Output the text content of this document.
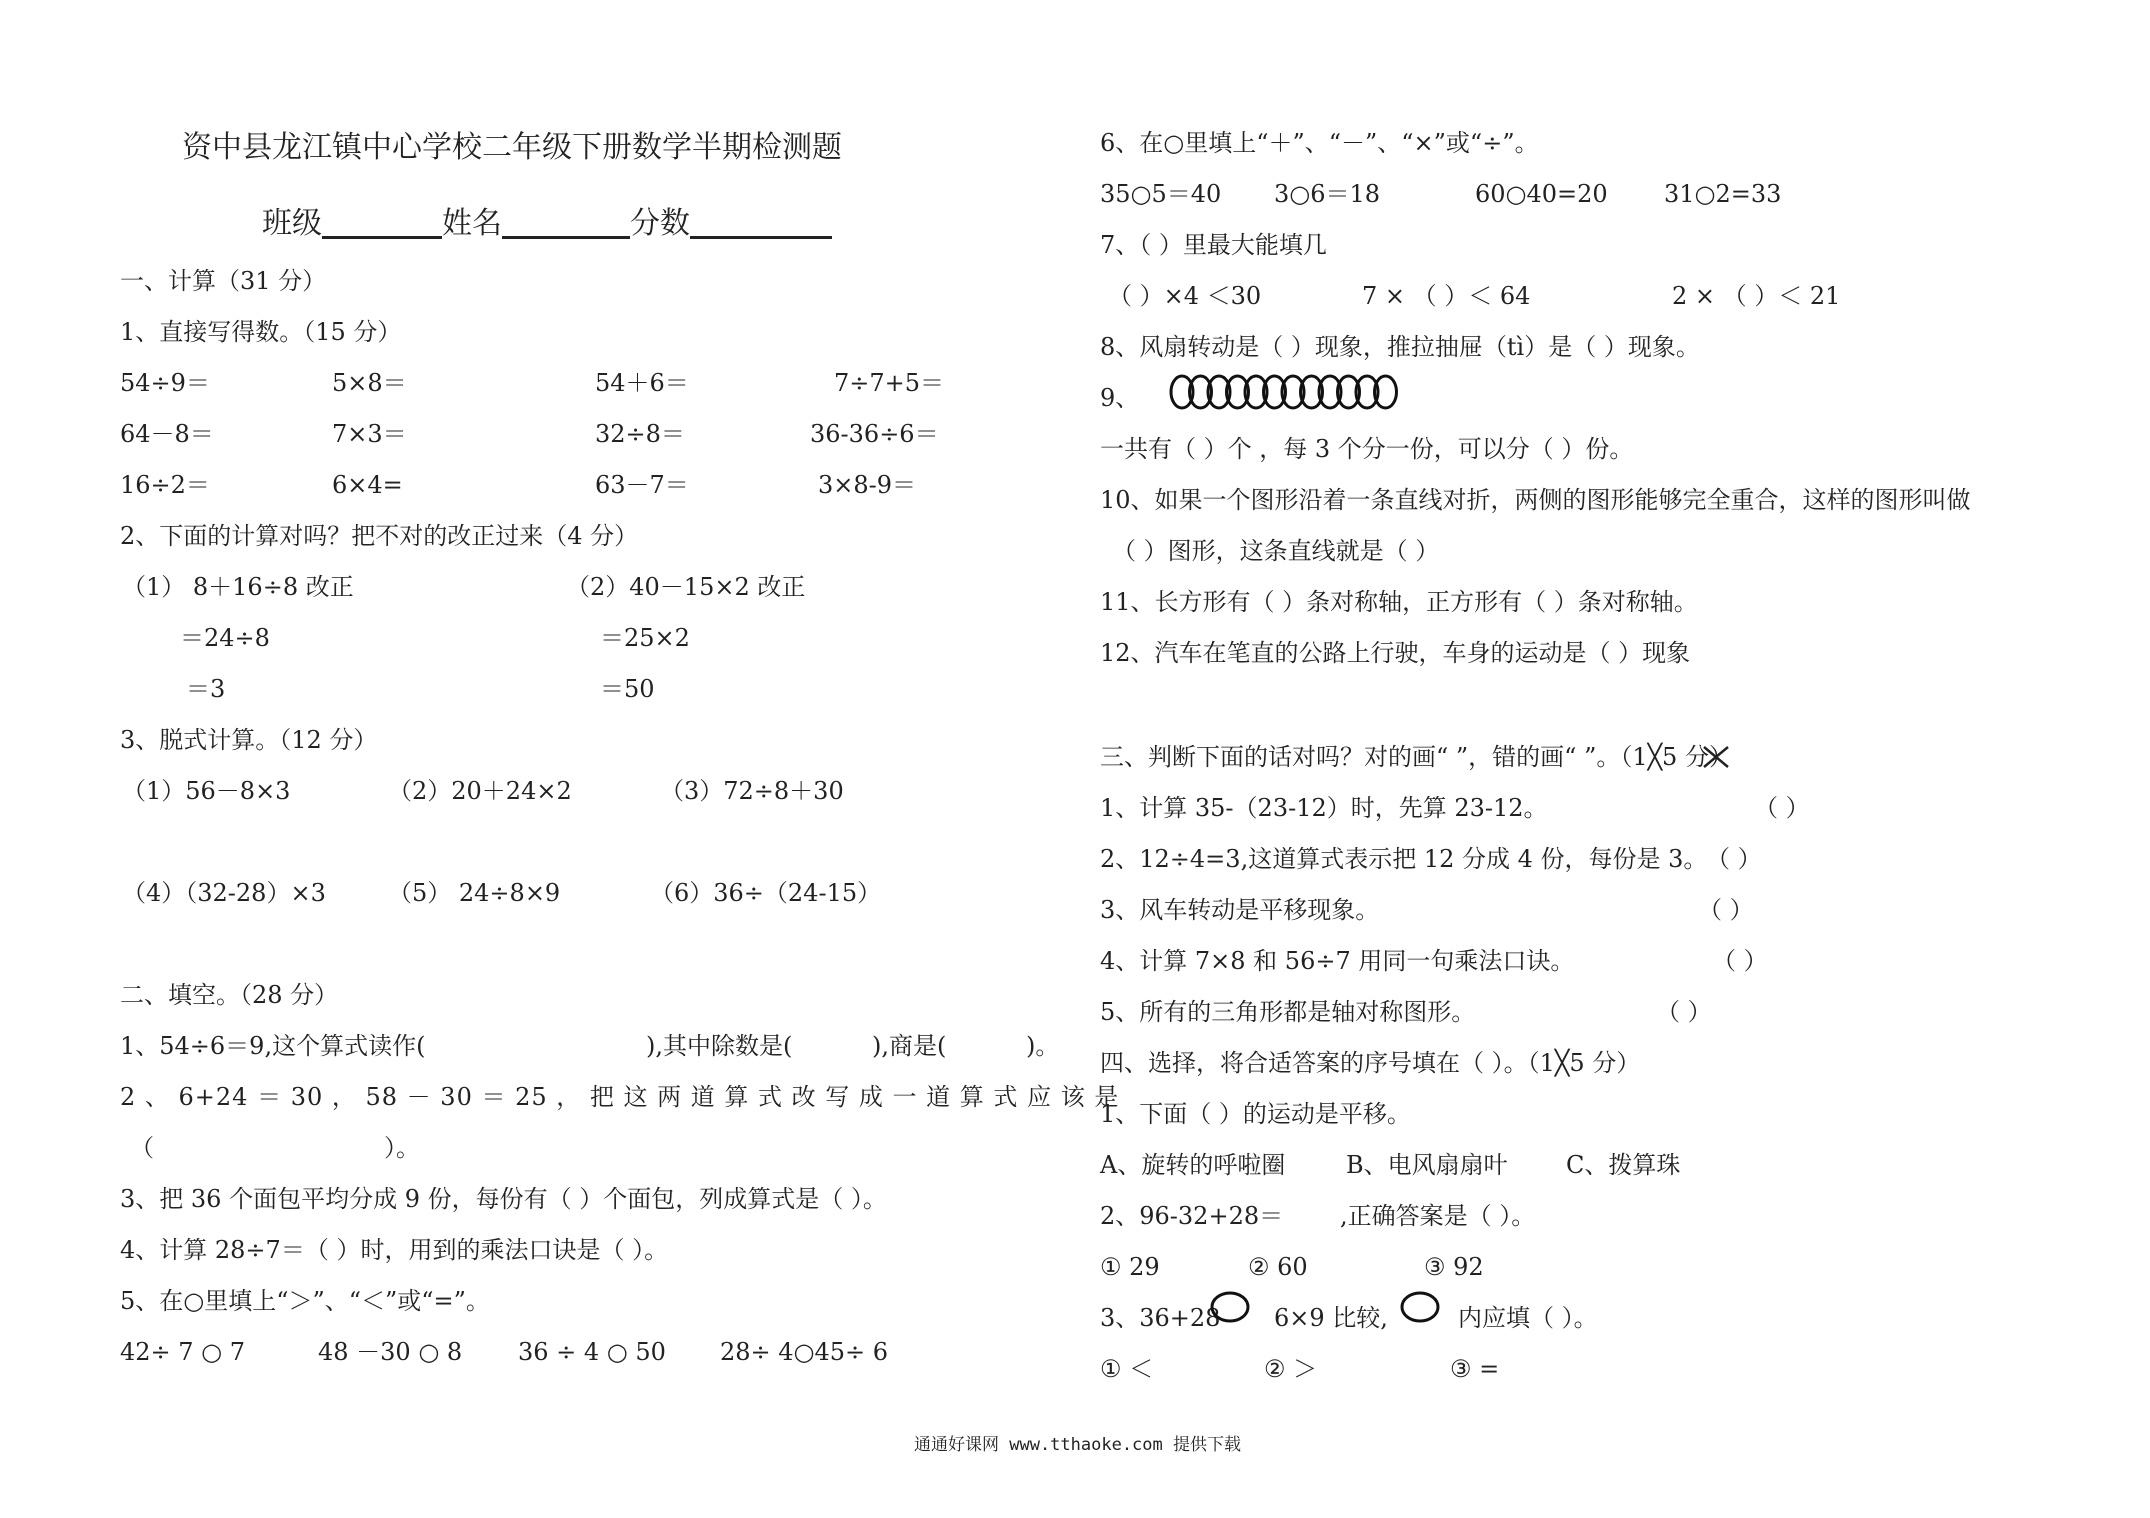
资中县龙江镇中心学校二年级下册数学半期检测题
班级	姓名	分数
一、计算（31 分）
1、直接写得数。（15 分）
54÷9＝	5×8＝	54＋6＝	7÷7+5＝
64－8＝	7×3＝	32÷8＝	36-36÷6＝
16÷2＝	6×4=	63－7＝	3×8-9＝
2、下面的计算对吗？把不对的改正过来（4 分）
（1） 8＋16÷8 改正
＝24÷8
＝3
（2）40－15×2 改正
＝25×2
＝50
3、脱式计算。（12 分）
（1）56－8×3	（2）20＋24×2	（3）72÷8＋30
（4）（32-28）×3	（5） 24÷8×9	（6）36÷（24-15）
二、填空。（28 分）
1、54÷6＝9,这个算式读作(	),其中除数是(	),商是(	)。
2 、 6+24 ＝ 30 ， 58 － 30 ＝ 25 ， 把 这 两 道 算 式 改 写 成 一 道 算 式 应 该 是
（	）。
3、把 36 个面包平均分成 9 份，每份有（ ）个面包，列成算式是（ ）。
4、计算 28÷7＝（ ）时，用到的乘法口诀是（ ）。
5、在○里填上“＞”、“＜”或“=”。
42÷ 7 ○ 7	48 －30 ○ 8 36 ÷ 4 ○ 50 28÷ 4○45÷ 6
6、在○里填上“＋”、“－”、“×”或“÷”。
35○5＝40 3○6＝18	60○40=20 31○2=33
7、（ ）里最大能填几
（ ）×4 ＜30	7 × （ ）＜ 64	2 × （ ）＜ 21
8、风扇转动是（ ）现象，推拉抽屉（tì）是（ ）现象。
9、
一共有（ ）个 ，每 3 个分一份，可以分（ ）份。
10、如果一个图形沿着一条直线对折，两侧的图形能够完全重合，这样的图形叫做
（ ）图形，这条直线就是（ ）
11、长方形有（ ）条对称轴，正方形有（ ）条对称轴。
12、汽车在笔直的公路上行驶，车身的运动是（ ）现象
三、判断下面的话对吗？对的画“ ”，错的画“ ”。（1╳5 分）
1、计算 35-（23-12）时，先算 23-12。	（ ）
2、12÷4=3,这道算式表示把 12 分成 4 份，每份是 3。
（ ）
3、风车转动是平移现象。	（ ）
4、计算 7×8 和 56÷7 用同一句乘法口诀。	（ ）
5、所有的三角形都是轴对称图形。	（ ）
四、选择，将合适答案的序号填在（ ）。（1╳5 分）
1、下面（ ）的运动是平移。
A、旋转的呼啦圈	B、电风扇扇叶 C、拨算珠
2、96-32+28＝ ,正确答案是（ ）。
① 29	② 60	③ 92
3、36+28 6×9 比较,	内应填（ ）。
① ＜	② ＞	③ =
通通好课网 www.tthaoke.com 提供下载
